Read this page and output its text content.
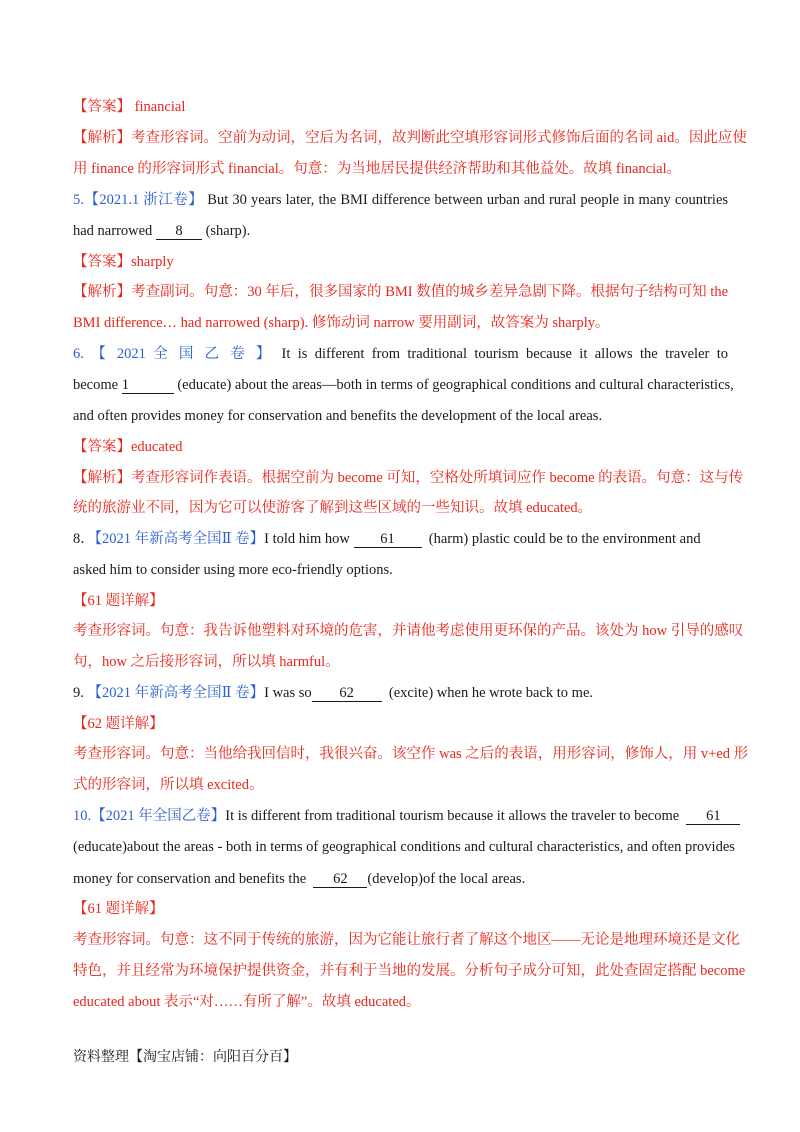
【答案】 financial
【解析】考查形容词。空前为动词，空后为名词，故判断此空填形容词形式修饰后面的名词 aid。因此应使
用 finance 的形容词形式 financial。句意：为当地居民提供经济帮助和其他益处。故填 financial。
5.【2021.1 浙江卷】 But 30 years later, the BMI difference between urban and rural people in many countries
had narrowed 8 (sharp).
【答案】sharply
【解析】考查副词。句意：30 年后，很多国家的 BMI 数值的城乡差异急剧下降。根据句子结构可知 the
BMI difference… had narrowed (sharp). 修饰动词 narrow 要用副词，故答案为 sharply。
6. 【 2021 全 国 乙 卷 】 It is different from traditional tourism because it allows the traveler to
become 1	(educate) about the areas—both in terms of geographical conditions and cultural characteristics,
and often provides money for conservation and benefits the development of the local areas.
【答案】educated
【解析】考查形容词作表语。根据空前为 become 可知，空格处所填词应作 become 的表语。句意：这与传
统的旅游业不同，因为它可以使游客了解到这些区域的一些知识。故填 educated。
8．【2021 年新高考全国Ⅱ 卷】I told him how 61 (harm) plastic could be to the environment and
asked him to consider using more eco-friendly options.
【61 题详解】
考查形容词。句意：我告诉他塑料对环境的危害，并请他考虑使用更环保的产品。该处为 how 引导的感叹
句，how 之后接形容词，所以填 harmful。
9. 【2021 年新高考全国Ⅱ 卷】I was so 62 (excite) when he wrote back to me.
【62 题详解】
考查形容词。句意：当他给我回信时，我很兴奋。该空作 was 之后的表语，用形容词，修饰人，用 v+ed 形
式的形容词，所以填 excited。
10.【2021 年全国乙卷】It is different from traditional tourism because it allows the traveler to become 61
(educate)about the areas - both in terms of geographical conditions and cultural characteristics, and often provides
money for conservation and benefits the 62 (develop)of the local areas.
【61 题详解】
考查形容词。句意：这不同于传统的旅游，因为它能让旅行者了解这个地区——无论是地理环境还是文化
特色，并且经常为环境保护提供资金，并有利于当地的发展。分析句子成分可知，此处查固定搭配 become
educated about 表示“对……有所了解”。故填 educated。
资料整理【淘宝店铺：向阳百分百】
